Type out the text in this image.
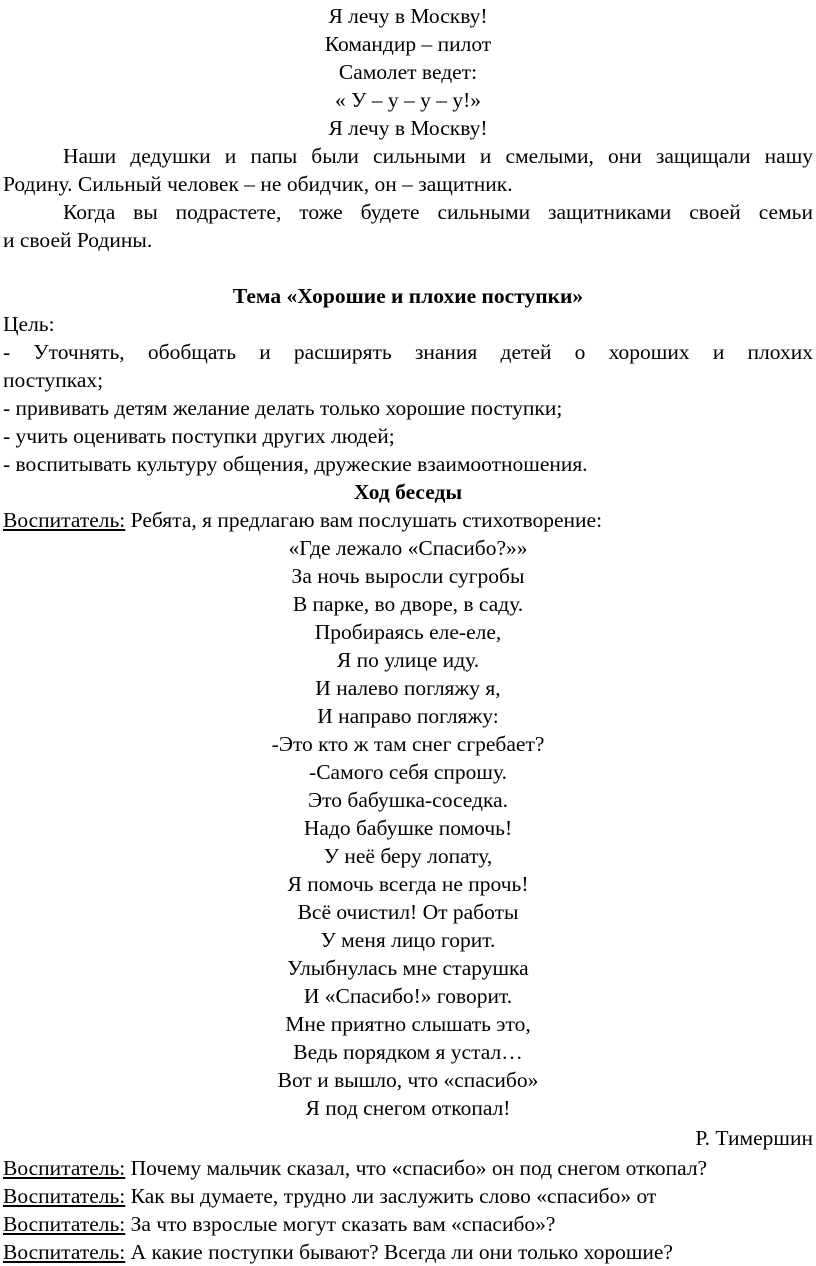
Я лечу в Москву!
Командир – пилот
Самолет ведет:
« У – у – у – у!»
Я лечу в Москву!
Наши дедушки и папы были сильными и смелыми, они защищали нашу
Родину. Сильный человек – не обидчик, он – защитник.
Когда вы подрастете, тоже будете сильными защитниками своей семьи
и своей Родины.
Тема «Хорошие и плохие поступки»
Цель:
- Уточнять, обобщать и расширять знания детей о хороших и плохих
поступках;
- прививать детям желание делать только хорошие поступки;
- учить оценивать поступки других людей;
- воспитывать культуру общения, дружеские взаимоотношения.
Ход беседы
Воспитатель: Ребята, я предлагаю вам послушать стихотворение:
«Где лежало «Спасибо?»»
За ночь выросли сугробы
В парке, во дворе, в саду.
Пробираясь еле-еле,
Я по улице иду.
И налево погляжу я,
И направо погляжу:
-Это кто ж там снег сгребает?
-Самого себя спрошу.
Это бабушка-соседка.
Надо бабушке помочь!
У неё беру лопату,
Я помочь всегда не прочь!
Всё очистил! От работы
У меня лицо горит.
Улыбнулась мне старушка
И «Спасибо!» говорит.
Мне приятно слышать это,
Ведь порядком я устал…
Вот и вышло, что «спасибо»
Я под снегом откопал!
Р. Тимершин
Воспитатель: Почему мальчик сказал, что «спасибо» он под снегом откопал?
Воспитатель: Как вы думаете, трудно ли заслужить слово «спасибо» от
Воспитатель: За что взрослые могут сказать вам «спасибо»?
Воспитатель: А какие поступки бывают? Всегда ли они только хорошие?
